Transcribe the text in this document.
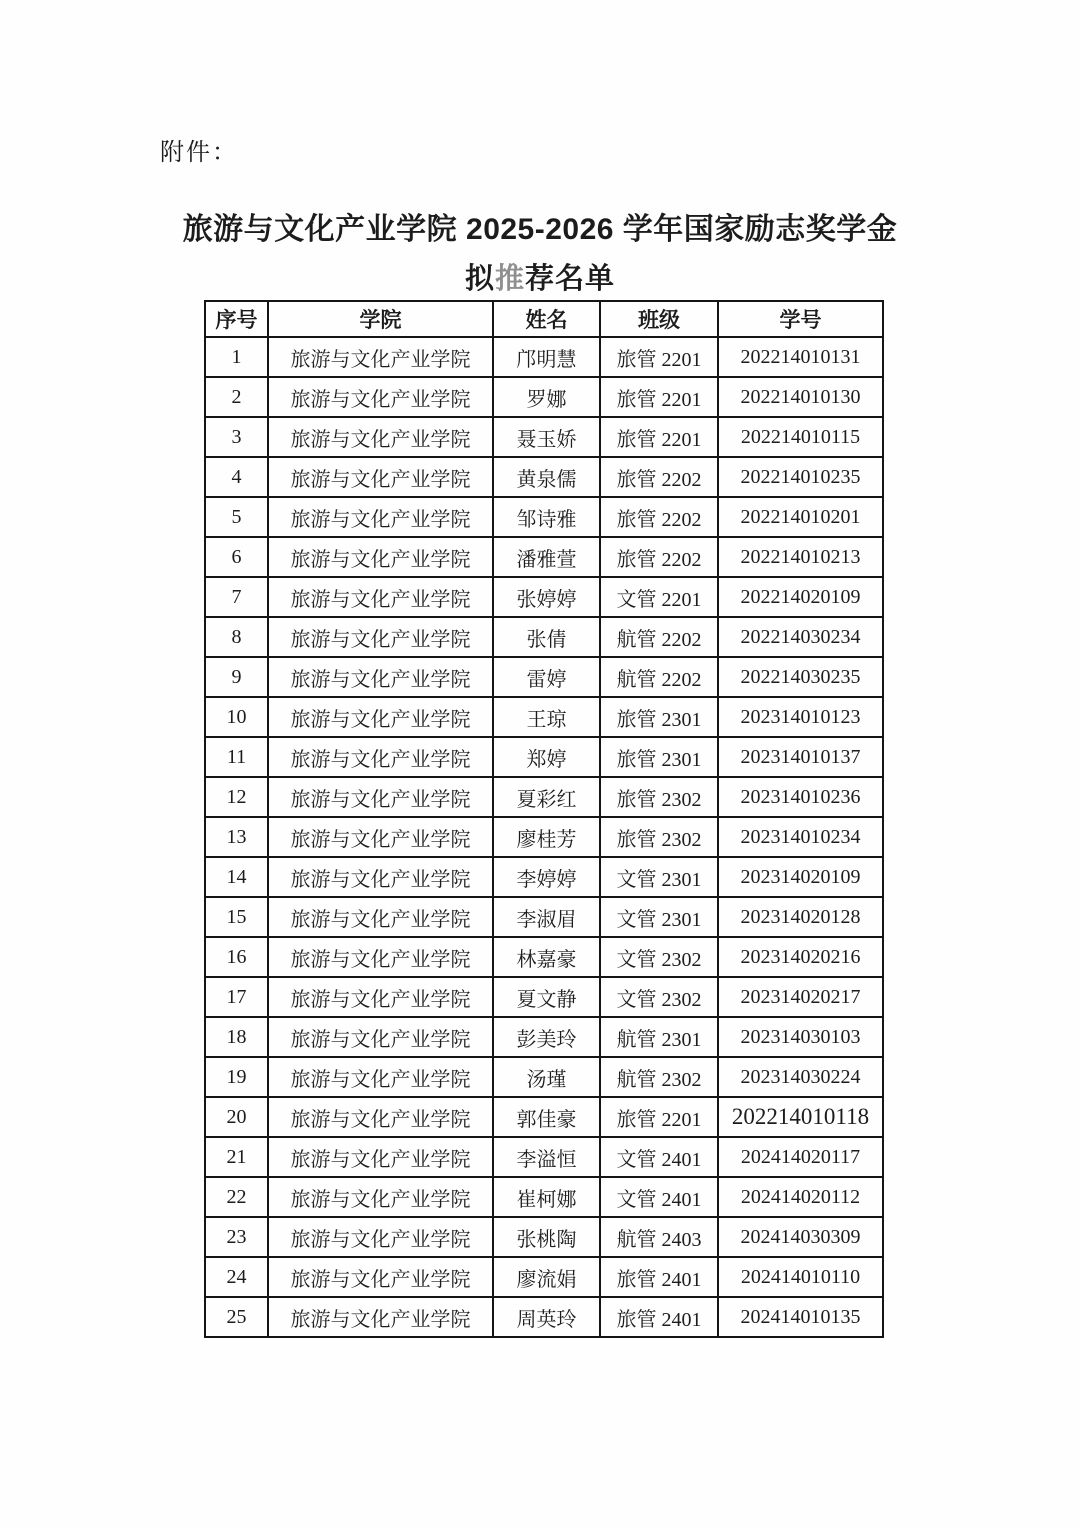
附件：
旅游与文化产业学院 2025-2026 学年国家励志奖学金
拟推荐名单
序号	学院	姓名	班级	学号
1	旅游与文化产业学院	邝明慧	旅管 2201	202214010131
2	旅游与文化产业学院	罗娜	旅管 2201	202214010130
3	旅游与文化产业学院	聂玉娇	旅管 2201	202214010115
4	旅游与文化产业学院	黄泉儒	旅管 2202	202214010235
5	旅游与文化产业学院	邹诗雅	旅管 2202	202214010201
6	旅游与文化产业学院	潘雅萱	旅管 2202	202214010213
7	旅游与文化产业学院	张婷婷	文管 2201	202214020109
8	旅游与文化产业学院	张倩	航管 2202	202214030234
9	旅游与文化产业学院	雷婷	航管 2202	202214030235
10	旅游与文化产业学院	王琼	旅管 2301	202314010123
11	旅游与文化产业学院	郑婷	旅管 2301	202314010137
12	旅游与文化产业学院	夏彩红	旅管 2302	202314010236
13	旅游与文化产业学院	廖桂芳	旅管 2302	202314010234
14	旅游与文化产业学院	李婷婷	文管 2301	202314020109
15	旅游与文化产业学院	李淑眉	文管 2301	202314020128
16	旅游与文化产业学院	林嘉豪	文管 2302	202314020216
17	旅游与文化产业学院	夏文静	文管 2302	202314020217
18	旅游与文化产业学院	彭美玲	航管 2301	202314030103
19	旅游与文化产业学院	汤瑾	航管 2302	202314030224
20	旅游与文化产业学院	郭佳豪	旅管 2201	202214010118
21	旅游与文化产业学院	李溢恒	文管 2401	202414020117
22	旅游与文化产业学院	崔柯娜	文管 2401	202414020112
23	旅游与文化产业学院	张桃陶	航管 2403	202414030309
24	旅游与文化产业学院	廖流娟	旅管 2401	202414010110
25	旅游与文化产业学院	周英玲	旅管 2401	202414010135
